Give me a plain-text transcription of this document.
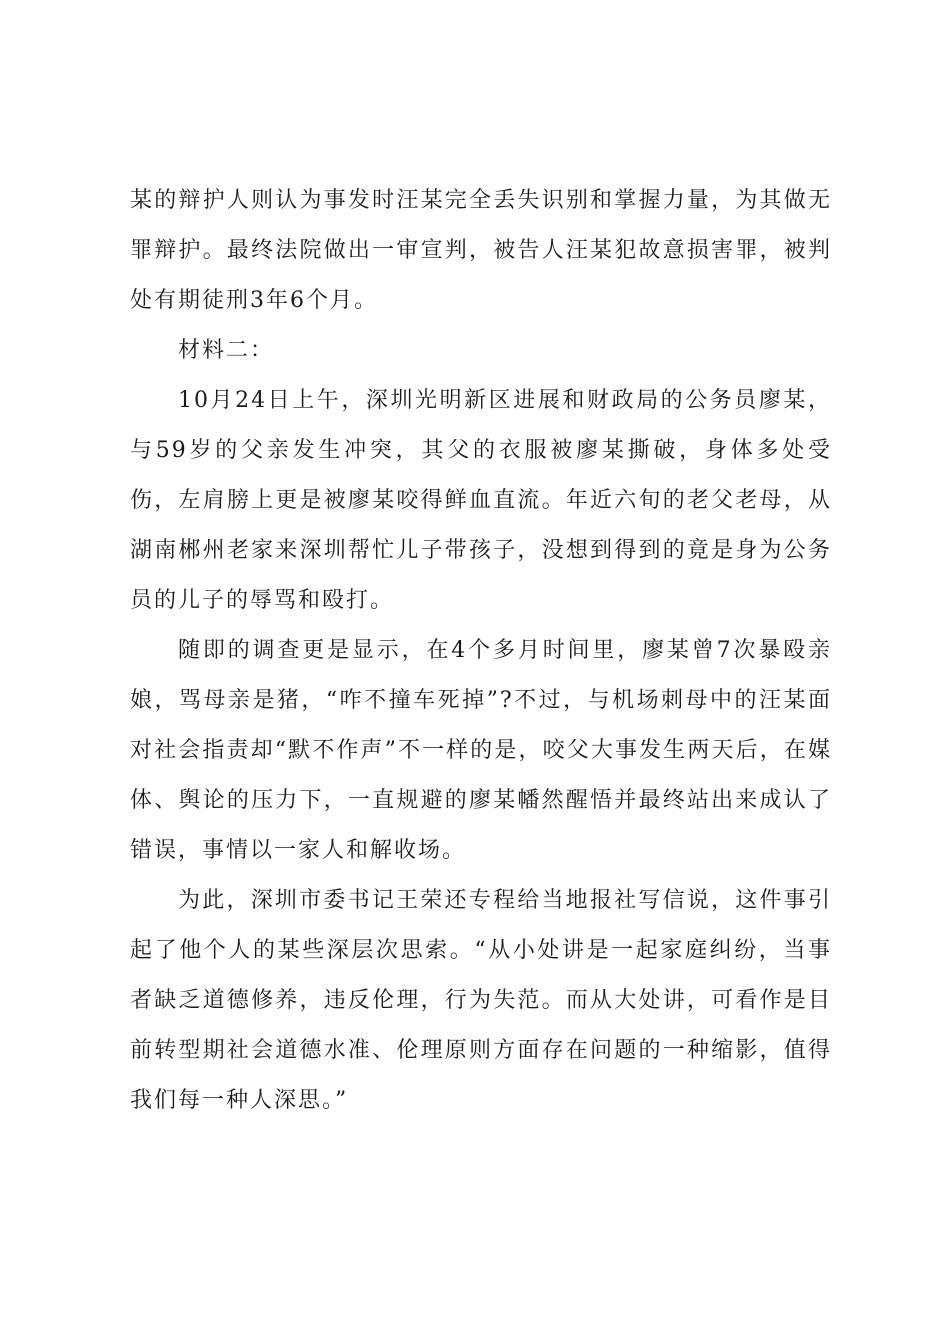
某的辩护人则认为事发时汪某完全丢失识别和掌握力量，为其做无罪辩护。最终法院做出一审宣判，被告人汪某犯故意损害罪，被判处有期徒刑3年6个月。

材料二：

10月24日上午，深圳光明新区进展和财政局的公务员廖某，与59岁的父亲发生冲突，其父的衣服被廖某撕破，身体多处受伤，左肩膀上更是被廖某咬得鲜血直流。年近六旬的老父老母，从湖南郴州老家来深圳帮忙儿子带孩子，没想到得到的竟是身为公务员的儿子的辱骂和殴打。

随即的调查更是显示，在4个多月时间里，廖某曾7次暴殴亲娘，骂母亲是猪，“咋不撞车死掉”?不过，与机场刺母中的汪某面对社会指责却“默不作声”不一样的是，咬父大事发生两天后，在媒体、舆论的压力下，一直规避的廖某幡然醒悟并最终站出来成认了错误，事情以一家人和解收场。

为此，深圳市委书记王荣还专程给当地报社写信说，这件事引起了他个人的某些深层次思索。“从小处讲是一起家庭纠纷，当事者缺乏道德修养，违反伦理，行为失范。而从大处讲，可看作是目前转型期社会道德水准、伦理原则方面存在问题的一种缩影，值得我们每一种人深思。”
